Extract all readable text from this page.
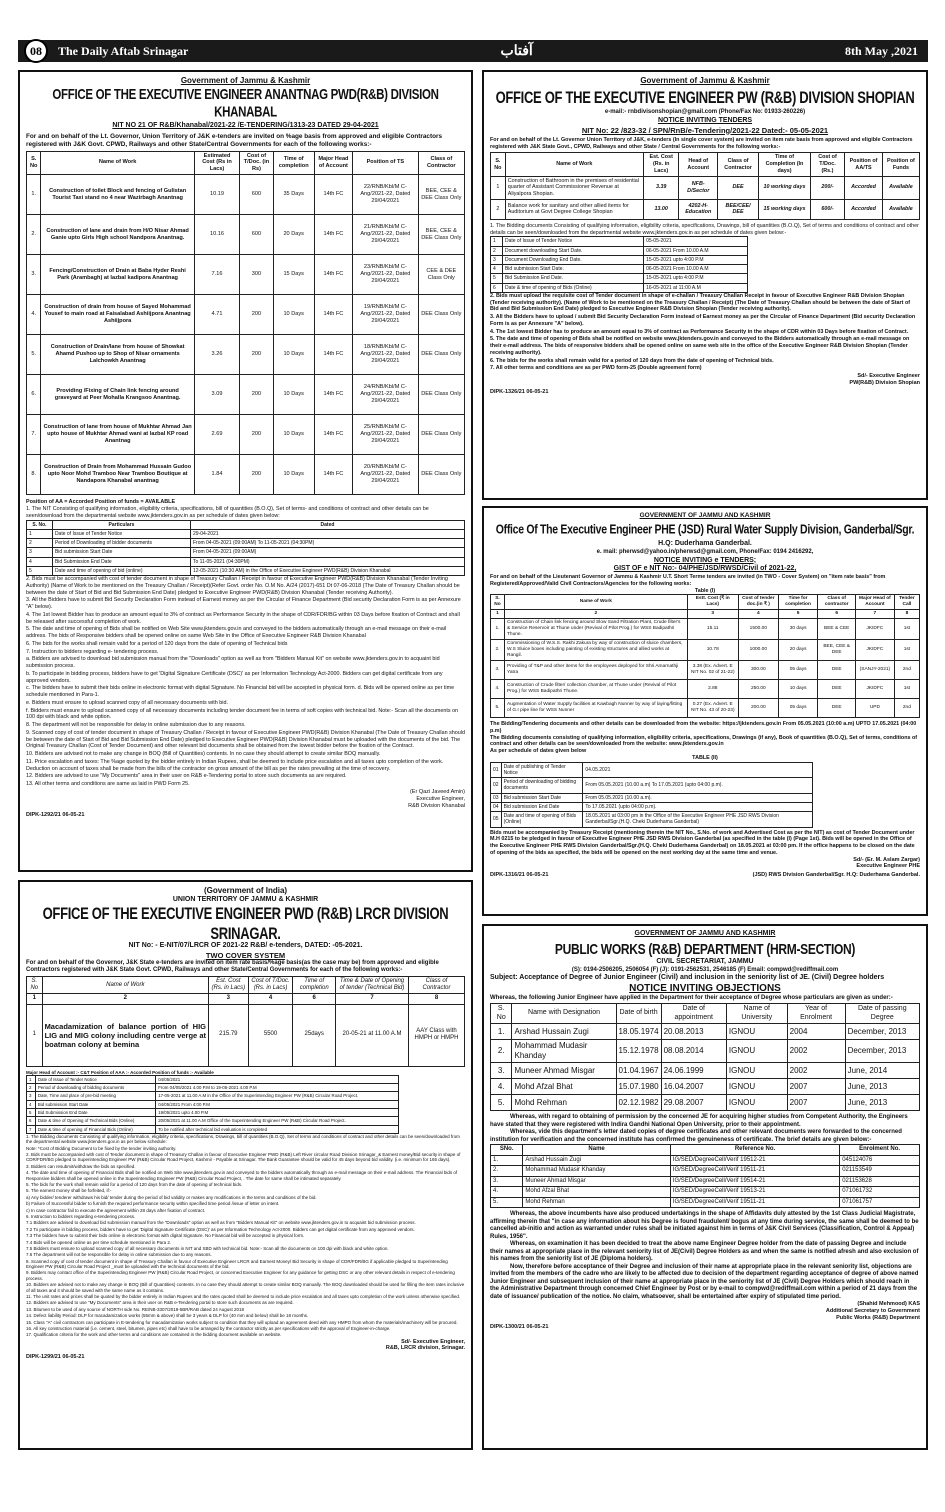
08	The Daily Aftab Srinagar	آفتاب	8th May ,2021
Government of Jammu & Kashmir
OFFICE OF THE EXECUTIVE ENGINEER ANANTNAG PWD(R&B) DIVISION KHANABAL
NIT NO 21 OF R&B/Khanabal/2021-22 /E-TENDERING/1313-23 DATED 29-04-2021
For and on behalf of the Lt. Governor, Union Territory of J&K e-tenders are invited on %age basis from approved and eligible Contractors registered with J&K Govt. CPWD, Railways and other State/Central Governments for each of the following works:-
S. No	Name of Work	Estimated Cost (Rs in Lacs)	Cost of T/Doc. (in Rs)	Time of completion	Major Head of Account	Position of TS	Class of Contractor
1.	Construction of toilet Block and fencing of Gulistan Tourist Taxi stand no 4 near Wazirbagh Anantnag	10.19	600	35 Days	14th FC	22/RNB/Kbl/M C-Ang/2021-22, Dated 29/04/2021	BEE, CEE & DEE Class Only
2.	Construction of lane and drain from H/O Nisar Ahmad Ganie upto Girls High school Nandpora Anantnag.	10.16	600	20 Days	14th FC	21/RNB/Kbl/M C-Ang/2021-22, Dated 29/04/2021	BEE, CEE & DEE Class Only
3.	Fencing/Construction of Drain at Baba Hyder Reshi Park (Arambagh) at lazbal kadipora Anantnag	7.16	300	15 Days	14th FC	23/RNB/Kbl/M C-Ang/2021-22, Dated 29/04/2021	CEE & DEE Class Only
4.	Construction of drain from house of Sayed Mohammad Yousef to main road at Faisalabad Ashiijpora Anantnag Ashiijpora	4.71	200	10 Days	14th FC	19/RNB/Kbl/M C-Ang/2021-22, Dated 29/04/2021	DEE Class Only
5.	Construction of Drain/lane from house of Showkat Ahamd Pushoo up to Shop of Nisar ornaments Lalchowkh Anantnag	3.26	200	10 Days	14th FC	18/RNB/Kbl/M C-Ang/2021-22, Dated 29/04/2021	DEE Class Only
6.	Providing /Fixing of Chain link fencing around graveyard at Peer Mohalla Krangsoo Anantnag.	3.09	200	10 Days	14th FC	24/RNB/Kbl/M C-Ang/2021-22, Dated 29/04/2021	DEE Class Only
7.	Construction of lane from house of Mukhtar Ahmad Jan upto house of Mukhtar Ahmad wani at lazbal KP road Anantnag	2.69	200	10 Days	14th FC	25/RNB/Kbl/M C-Ang/2021-22, Dated 29/04/2021	DEE Class Only
8.	Construction of Drain from Mohammad Hussain Gudoo upto Noor Mohd Tramboo Near Tramboo Boutique at Nandapora Khanabal anantnag	1.84	200	10 Days	14th FC	20/RNB/Kbl/M C-Ang/2021-22, Dated 29/04/2021	DEE Class Only
Position of AA = Accorded Position of funds = AVAILABLE
1. The NIT Consisting of qualifying information, eligibility criteria, specifications, bill of quantities (B.O.Q), Set of terms- and conditions of contract and other details can be seen/download from the departmental website www.jktenders.gov.in as per schedule of dates given below:
S. No.	Particulars	Dated
1	Date of Issue of Tender Notice	29-04-2021
2	Period of Downloading of bidder documents	From 04-05-2021 (09:00AM) To 11-05-2021 (04:30PM)
3	Bid submission Start Date	From 04-05-2021 (09:00AM)
4	Bid Submission End Date	To 11-05-2021 (04:30PM)
5	Date and time of opening of bid (online)	12-05-2021 (10:30 AM) in the Office of Executive Engineer PWD(R&B) Division Khanabal

2. Bids must be accompanied with cost of tender document in shape of Treasury Challan / Receipt in favour of Executive Engineer PWD(R&B) Division Khanabal (Tender Inviting Authority) (Name of Work to be mentioned on the Treasury Challan / Receipt)(Refer Govt. order No. O.M No. A/24 (2017)-651 Dt 07-06-2018 (The Date of Treasury Challan should be between the date of Start of Bid and Bid Submission End Date) pledged to Executive Engineer PWD(R&B) Division Khanabal (Tender receiving Authority).

3. All the Bidders have to submit Bid Security Declaration Form instead of Earnest money as per the Circular of Finance Department (Bid security Declaration Form is as per Annexure "A" below).

4. The 1st lowest Bidder has to produce an amount equal to 3% of contract as Performance Security in the shape of CDR/FDR/BG within 03 Days before fixation of Contract and shall be released after successful completion of work.

5. The date and time of opening of Bids shall be notified on Web Site www.jktenders.gov.in and conveyed to the bidders automatically through an e-mail message on their e-mail address. The bids of Responsive bidders shall be opened online on same Web Site in the Office of Executive Engineer R&B Division Khanabal

6. The bids for the works shall remain valid for a period of 120 days from the date of opening of Technical bids

7. Instruction to bidders regarding e- tendering process.

a. Bidders are advised to download bid submission manual from the "Downloads" option as well as from "Bidders Manual Kit" on website www.jktenders.gov.in to acquaint bid submission process.

b. To participate in bidding process, bidders have to get 'Digital Signature Certificate (DSC)' as per Information Technology Act-2000. Bidders can get digital certificate from any approved vendors.

c. The bidders have to submit their bids online in electronic format with digital Signature. No Financial bid will be accepted in physical form. d. Bids will be opened online as per time schedule mentioned in Para-1.

e. Bidders must ensure to upload scanned copy of all necessary documents with bid.

f. Bidders must ensure to upload scanned copy of all necessary documents including tender document fee in terms of soft copies with technical bid. Note:- Scan all the documents on 100 dpi with black and white option.

8. The department will not be responsible for delay in online submission due to any reasons.

9. Scanned copy of cost of tender document in shape of Treasury Challan / Receipt in favour of Executive Engineer PWD(R&B) Division Khanabal (The Date of Treasury Challan should be between the date of Start of Bid and Bid Submission End Date) pledged to Executive Engineer PWD(R&B) Division Khanabal must be uploaded with the documents of the bid. The Original Treasury Challan (Cost of Tender Document) and other relevant bid documents shall be obtained from the lowest bidder before the fixation of the Contract.

10. Bidders are advised not to make any change in BOQ (Bill of Quantities) contents. In no case they should attempt to create similar BOQ manually.

11. Price escalation and taxes: The %age quoted by the bidder entirely in Indian Rupees, shall be deemed to include price escalation and all taxes upto completion of the work. Deduction on account of taxes shall be made from the bills of the contractor on gross amount of the bill as per the rates prevailing at the time of recovery.

12. Bidders are advised to use "My Documents" area in their user on R&B e-Tendering portal to store such documents as are required.

13. All other terms and conditions are same as laid in PWD Form 25.

(Er Qazi Javeed Amin)
Executive Engineer,
R&B Division Khanabal
DIPK-1292/21 06-05-21
Government of Jammu & Kashmir
OFFICE OF THE EXECUTIVE ENGINEER PW (R&B) DIVISION SHOPIAN
e-mail:- rnbdivisonshopian@gmail.com (Phone/Fax No: 01933-260226)
NOTICE INVITING TENDERS
NIT No: 22 /823-32 / SPN/RnB/e-Tendering/2021-22 Dated:- 05-05-2021
For and on behalf of the Lt. Governor Union Territory of J&K, e-tenders (In single cover system) are invited on item rate basis from approved and eligible Contractors registered with J&K State Govt., CPWD, Railways and other State / Central Governments for the following works:-
S. No	Name of Work	Est. Cost (Rs. in Lacs)	Head of Account	Class of Contractor	Time of Completion (In days)	Cost of T/Doc. (Rs.)	Position of AA/TS	Position of Funds
1	Construction of Bathroom in the premises of residential quarter of Assistant Commissioner Revenue at Aliyalpora Shopian.	3.39	NFB-D/Sector	DEE	10 working days	200/-	Accorded	Available
2	Balance work for sanitary and other allied items for Auditorium at Govt Degree College Shopian	13.00	4202-H-Education	BEE/CEE/ DEE	15 working days	600/-	Accorded	Available
1. The Bidding documents Consisting of qualifying information, eligibility criteria, specifications, Drawings, bill of quantities (B.O.Q), Set of terms and conditions of contract and other details can be seen/downloaded from the departmental website www.jktenders.gov.in as per schedule of dates given below:-
1	Date of Issue of Tender Notice	05-05-2021
2	Document downloading Start Date.	06-05-2021 From 10.00 A.M
3	Document Downloading End Date.	15-05-2021 upto 4:00 P.M
4	Bid submission Start Date.	06-05-2021 From 10.00 A.M
5	Bid Submission End Date.	15-05-2021 upto 4:00 P.M
6	Date & time of opening of Bids (Online)	16-05-2021 at 11:00 A.M

2. Bids must upload the requisite cost of Tender document in shape of e-challan / Treasury Challan Receipt in favour of Executive Engineer R&B Division Shopian (Tender receiving authority). (Name of Work to be mentioned on the Treasury Challan / Receipt) (The Date of Treasury Challan should be between the date of Start of Bid and Bid Submission End Date) pledged to Executive Engineer R&B Division Shopian (Tender receiving authority).

3. All the Bidders have to upload / submit Bid Security Declaration Form instead of Earnest money as per the Circular of Finance Department (Bid security Declaration Form is as per Annexure "A" below).

4. The 1st lowest Bidder has to produce an amount equal to 3% of contract as Performance Security in the shape of CDR within 03 Days before fixation of Contract.

5. The date and time of opening of Bids shall be notified on website www.jktenders.gov.in and conveyed to the Bidders automatically through an e-mail message on their e-mail address. The bids of responsive bidders shall be opened online on same web site in the office of the Executive Engineer R&B Division Shopian (Tender receiving authority).

6. The bids for the works shall remain valid for a period of 120 days from the date of opening of Technical bids.

7. All other terms and conditions are as per PWD form-25 (Double agreement form)

Sd/- Executive Engineer
PW(R&B) Division Shopian
DIPK-1326/21 06-05-21
GOVERNMENT OF JAMMU AND KASHMIR
Office Of The Executive Engineer PHE (JSD) Rural Water Supply Division, Ganderbal/Sgr.
H.Q: Duderhama Ganderbal.
e. mail: pherwsd@yahoo.in/pherwsd@gmail.com, Phone/Fax: 0194 2416292,
NOTICE INVITING e TENDERS;
GIST OF e NIT No:- 04/PHE/JSD/RWSD/Civil of 2021-22,
For and on behalf of the Lieutenant Governor of Jammu & Kashmir U.T. Short Terme tenders are invited (in TWO - Cover System) on "item rate basis" from Registered/Approved/Valid Civil Contractors/Agencies for the following works:
Table (I)
S. No	Name of Work	Estt. Cost (₹ in Lacs)	Cost of tender doc.(in ₹ )	Time for completion	Class of contractor	Major Head of Account	Tender Call
1	2	3	4	5	6	7	8
1.	Construction of Chain link fencing around Slow Sand Filtration Plant, Crude filter's & Service Reservoir at Thune under (Revival of Pilot Prog.) for WSS Badipathri Thune.	15.11	1500.00	30 days	BEE & CEE	JKIDFC	1st
2.	Commissioning of W.S.S. Rakhi Zakura by way of construction of sluice chambers, W.S Sluice boxes including painting of existing structures and allied works at Rangil.	10.78	1000.00	20 days	BEE, CEE & DEE	JKIDFC	1st
3.	Providing of T&P and other items for the employees deployed for Shri Amarnathji Yatra	3.38 (Ex. Advert. E NIT No. 02 of 21-22)	300.00	05 days	DEE	(SANJY-2021)	2nd
4.	Construction of Crude filter/ collection chamber, at Thune under (Revival of Pilot Prog.) for WSS Badipathri Thune.	2.88	250.00	10 days	DEE	JKIDFC	1st
5.	Augmentation of Water Supply facilities at Kawbagh Nunner by way of laying/fitting of G.I pipe line for WSS Nunner	0.27 (Ex. Advert. E NIT No. 43 of 20-23)	200.00	05 days	DEE	UPD	2nd
The Bidding/Tendering documents and other details can be downloaded from the website: https://jktenders.gov.in From 05.05.2021 (10:00 a.m) UPTO 17.05.2021 (04:00 p.m)
The Bidding documents consisting of qualifying information, eligibility criteria, specifications, Drawings (if any), Book of quantities (B.O.Q), Set of terms, conditions of contract and other details can be seen/downloaded from the website: www.jktenders.gov.in
As per schedule of dates given below
TABLE (II)
01	Date of publishing of Tender Notice	04.05.2021
02	Period of downloading of bidding documents	From 05.05.2021 (10.00 a.m) To 17.05.2021 (upto 04:00 p.m).
03	Bid submission Start Date	From 05.05.2021 (10.00 a.m).
04	Bid submission End Date	To 17.05.2021 (upto 04:00 p.m).
05	Date and time of opening of Bids (Online)	18.05.2021 at 03:00 pm in the Office of the Executive Engineer PHE JSD RWS Division Ganderbal/Sgr.(H.Q. Cheki Duderhama Ganderbal)
Bids must be accompanied by Treasury Receipt (mentioning therein the NIT No., S.No. of work and Advertised Cost as per the NIT) as cost of Tender Document under M.H 0215 to be pledged in favour of Executive Engineer PHE JSD RWS Division Ganderbal (as specified in the table (I) (Page 1st). Bids will be opened in the Office of the Executive Engineer PHE RWS Division Ganderbal/Sgr.(H.Q. Cheki Duderhama Ganderbal) on 18.05.2021 at 03:00 pm. If the office happens to be closed on the date of opening of the bids as specified, the bids will be opened on the next working day at the same time and venue.
Sd/- (Er. M. Aslam Zargar)
Executive Engineer PHE
DIPK-1316/21 06-05-21	(JSD) RWS Division Ganderbal/Sgr. H.Q: Duderhama Ganderbal.
(Government of India)
UNION TERRITORY OF JAMMU & KASHMIR
OFFICE OF THE EXECUTIVE ENGINEER PWD (R&B) LRCR DIVISION SRINAGAR.
NIT No: - E-NIT/07/LRCR OF 2021-22 R&B/ e-tenders, DATED: -05-2021.
TWO COVER SYSTEM
For and on behalf of the Governor, J&K State e-tenders are invited on item rate basis/%age basis(as the case may be) from approved and eligible Contractors registered with J&K State Govt. CPWD, Railways and other State/Central Governments for each of the following works:-
S. No	Name of Work	Est. Cost (Rs. in Lacs)	Cost of T/Doc. (Rs. in Lacs)	Time of completion	Time & Date of Opening of tender (Technical Bid)	Class of Contractor
1	2	3	4	6	7	8
1	Macadamization of balance portion of HIG LIG and MIG colony including centre verge at boatman colony at bemina	215.79	5500	25days	20-05-21 at 11.00 A.M	AAY Class with HMPH or HMPH
Major Head of Account :- C&T Position of AAA :- Accorded Position of funds :- Available
1	Date of Issue of Tender Notice	04/05/2021
2	Period of downloading of bidding documents	From 04/05/2021 4.00 P.M to 19-05-2021 4.00 P.M
3	Date, Time and place of pre-bid meeting	17-05-2021 at 11.00 A.M in the Office of the Superintending Engineer PW (R&B) Circular Road Project.
4	Bid submission Start Date	04/05/2021 From 4:00 P.M
5	Bid Submission End Date	19/05/2021 upto 4.00 P.M
6	Date & time of Opening of Technical Bids (Online)	20/05/2021 at 11.00 A.M Office of the Superintending Engineer PW (R&B) Circular Road Project.
7	Date & time of opening of Financial Bids (Online)	To be notified after technical bid evaluation is completed

1. The Bidding documents Consisting of qualifying information, eligibility criteria, specifications, Drawings, bill of quantities (B.O.Q), Set of terms and conditions of contract and other details can be seen/downloaded from the departmental website www.jktenders.gov.in as per below schedule:

Note: *Cost of Bidding Document to be fixed by the tender inviting authority.

2. Bids must be accompanied with cost of Tender document in shape of Treasury Challan in favour of Executive Engineer PWD (R&B) Left River circular Road Division Srinagar_& Earnest money/Bid security in shape of CDR/FDR/BG pledged to Superintending Engineer PW (R&B) Circular Road Project, Kashmir - Payable at Srinagar. The Bank Guarantee should be valid for 45 days beyond bid validity. (i.e. minimum for 165 days).

3. Bidders can resubmit/withdraw the bids as specified.

4. The date and time of opening of Financial Bids shall be notified on Web Site www.jktenders.gov.in and conveyed to the bidders automatically through an e-mail message on their e-mail address. The Financial bids of Responsive bidders shall be opened online in the Superintending Engineer PW (R&B) Circular Road Project, . The date for same shall be intimated separately.

5. The bids for the work shall remain valid for a period of 120 days from the date of opening of technical bids.

5. The earnest money shall be forfeited, if:-

a) Any bidder/ tenderer withdraws his bid/ tender during the period of bid validity or makes any modifications in the terms and conditions of the bid.

b) Failure of Successful bidder to furnish the required performance security within specified time period /issue of letter on intent.

c) In case contractor fail to execute the agreement within 28 days after fixation of contract.

6. Instruction to bidders regarding e-tendering process.

7.1 Bidders are advised to download bid submission manual from the "Downloads" option as well as from "Bidders Manual Kit" on website www.jktenders.gov.in to acquaint bid submission process.

7.2 To participate in bidding process, bidders have to get 'Digital Signature Certificate (DSC)' as per Information Technology Act-2000. Bidders can get digital certificate from any approved vendors.

7.3 The bidders have to submit their bids online in electronic format with digital Signature. No Financial bid will be accepted in physical form.

7.4 Bids will be opened online as per time schedule mentioned in Para 2.

7.5 Bidders must ensure to upload scanned copy of all necessary documents in NIT and SBD with technical bid. Note:- Scan all the documents on 100 dpi with black and white option.

7.6 The department will not be responsible for delay in online submission due to any reasons.

8. Scanned copy of cost of tender document in shape of Treasury Challan in favour of Executive Engineer LRCR and Earnest Money/ Bid Security in shape of CDR/FDR/BG if applicable pledged to Superintending Engineer PW (R&B) Circular Road Project _must be uploaded with the technical documents of the bid.

9. Bidders may contact office of the Superintending Engineer PW (R&B) Circular Road Project, or concerned Executive Engineer for any guidance for getting DSC or any other relevant details in respect of e-tendering process.

10. Bidders are advised not to make any change in BOQ (Bill of Quantities) contents. In no case they should attempt to create similar BOQ manually. The BOQ downloaded should be used for filling the item rates inclusive of all taxes and it should be saved with the same name as it contains.

11. The unit rates and prices shall be quoted by the bidder entirely in Indian Rupees and the rates quoted shall be deemed to include price escalation and all taxes upto completion of the work unless otherwise specified.

12. Bidders are advised to use "My Documents" area in their user on R&B e-Tendering portal to store such documents as are required.

13. Bitumen to be used of any source of NORTH side No. RE/NB-3307/2019-5BR/RAB dated 24 August 2018

14. Defect liability Period: DLP for macadamization works (55mm & above) shall be 3 years & DLP for (40 mm and below) shall be 18 months.

15. Class "A" civil contractors can participate in E-tendering for macadamization works subject to condition that they will upload an agreement deed with any HMPO from whom the materials/machinery will be procured.

16. All key construction material (i.e. cement, steel, bitumen, pipes etc) shall have to be arranged by the contractor strictly as per specifications with the approval of Engineer-in-charge.

17. Qualification criteria for the work and other terms and conditions are contained in the bidding document available on website.

Sd/- Executive Engineer,
R&B, LRCR division, Srinagar.
DIPK-1299/21 06-05-21
GOVERNMENT OF JAMMU AND KASHMIR
PUBLIC WORKS (R&B) DEPARTMENT (HRM-SECTION)
CIVIL SECRETARIAT, JAMMU
(S): 0194-2506205, 2506054 (F) (J): 0191-2562531, 2546185 (F) Email: compwd@rediffmail.com
Subject: Acceptance of Degree of Junior Engineer (Civil) and inclusion in the seniority list of JE. (Civil) Degree holders
NOTICE INVITING OBJECTIONS
Whereas, the following Junior Engineer have applied in the Department for their acceptance of Degree whose particulars are given as under:-
S. No	Name with Designation	Date of birth	Date of appointment	Name of University	Year of Enrolment	Date of passing Degree
1.	Arshad Hussain Zugi	18.05.1974	20.08.2013	IGNOU	2004	December, 2013
2.	Mohammad Mudasir Khanday	15.12.1978	08.08.2014	IGNOU	2002	December, 2013
3.	Muneer Ahmad Misgar	01.04.1967	24.06.1999	IGNOU	2002	June, 2014
4.	Mohd Afzal Bhat	15.07.1980	16.04.2007	IGNOU	2007	June, 2013
5.	Mohd Rehman	02.12.1982	29.08.2007	IGNOU	2007	June, 2013
Whereas, with regard to obtaining of permission by the concerned JE for acquiring higher studies from Competent Authority, the Engineers have stated that they were registered with Indira Gandhi National Open University, prior to their appointment.
Whereas, vide this department's letter dated copies of degree certificates and other relevant documents were forwarded to the concerned institution for verification and the concerned institute has confirmed the genuineness of certificate. The brief details are given below:-
SNo.	Name	Reference No.	Enrolment No.
1.	Arshad Hussain Zugi	IG/SED/DegreeCell/Verif 19512-21	045124076
2.	Mohammad Mudasir Khanday	IG/SED/DegreeCell/Verif 19511-21	021153549
3.	Muneer Ahmad Misgar	IG/SED/DegreeCell/Verif 19514-21	021153628
4.	Mohd Afzal Bhat	IG/SED/DegreeCell/Verif 19513-21	071061732
5.	Mohd Rehman	IG/SED/DegreeCell/Verif 19511-21	071061757
Whereas, the above incumbents have also produced undertakings in the shape of Affidavits duly attested by the 1st Class Judicial Magistrate, affirming therein that "in case any information about his Degree is found fraudulent/ bogus at any time during service, the same shall be deemed to be cancelled ab-initio and action as warranted under rules shall be initiated against him in terms of J&K Civil Services (Classification, Control & Appeal) Rules, 1956".
Whereas, on examination it has been decided to treat the above name Engineer Degree holder from the date of passing Degree and include their names at appropriate place in the relevant seniority list of JE(Civil) Degree Holders as and when the same is notified afresh and also exclusion of his names from the seniority list of JE (Diploma holders).
Now, therefore before acceptance of their Degree and inclusion of their name at appropriate place in the relevant seniority list, objections are invited from the members of the cadre who are likely to be affected due to decision of the department regarding acceptance of degree of above named Junior Engineer and subsequent inclusion of their name at appropriate place in the seniority list of JE (Civil) Degree Holders which should reach in the Administrative Department through concerned Chief Engineer by Post or by e-mail to compwd@rediffmail.com within a period of 21 days from the date of issuance/ publication of the notice. No claim, whatsoever, shall be entertained after expiry of stipulated time period.
(Shahid Mehmood) KAS
Additional Secretary to Government
Public Works (R&B) Department
DIPK-1300/21 06-05-21
